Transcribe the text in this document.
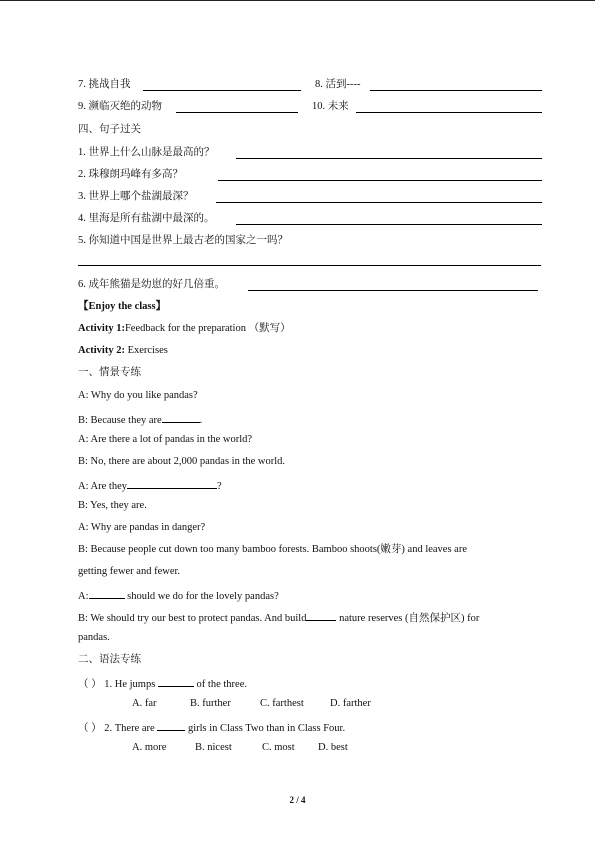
7. 挑战自我	8. 活到----
9. 濒临灭绝的动物	10. 未来
四、句子过关
1. 世界上什么山脉是最高的？
2. 珠穆朗玛峰有多高？
3. 世界上哪个盐湖最深？
4. 里海是所有盐湖中最深的。
5. 你知道中国是世界上最古老的国家之一吗？
6. 成年熊猫是幼崽的好几倍重。
【Enjoy the class】
Activity 1:Feedback for the preparation （默写）
Activity 2: Exercises
一、情景专练
A: Why do you like pandas?
B: Because they are	.
A: Are there a lot of pandas in the world?
B: No, there are about 2,000 pandas in the world.
A: Are they	?
B: Yes, they are.
A: Why are pandas in danger?
B: Because people cut down too many bamboo forests. Bamboo shoots(嫩芽) and leaves are
getting fewer and fewer.
A:	should we do for the lovely pandas?
B: We should try our best to protect pandas. And build	nature reserves (自然保护区) for
pandas.
二、语法专练
（ ） 1. He jumps	of the three.
A. far	B. further	C. farthest	D. farther
（ ） 2. There are	girls in Class Two than in Class Four.
A. more	B. nicest	C. most D. best
2 / 4
